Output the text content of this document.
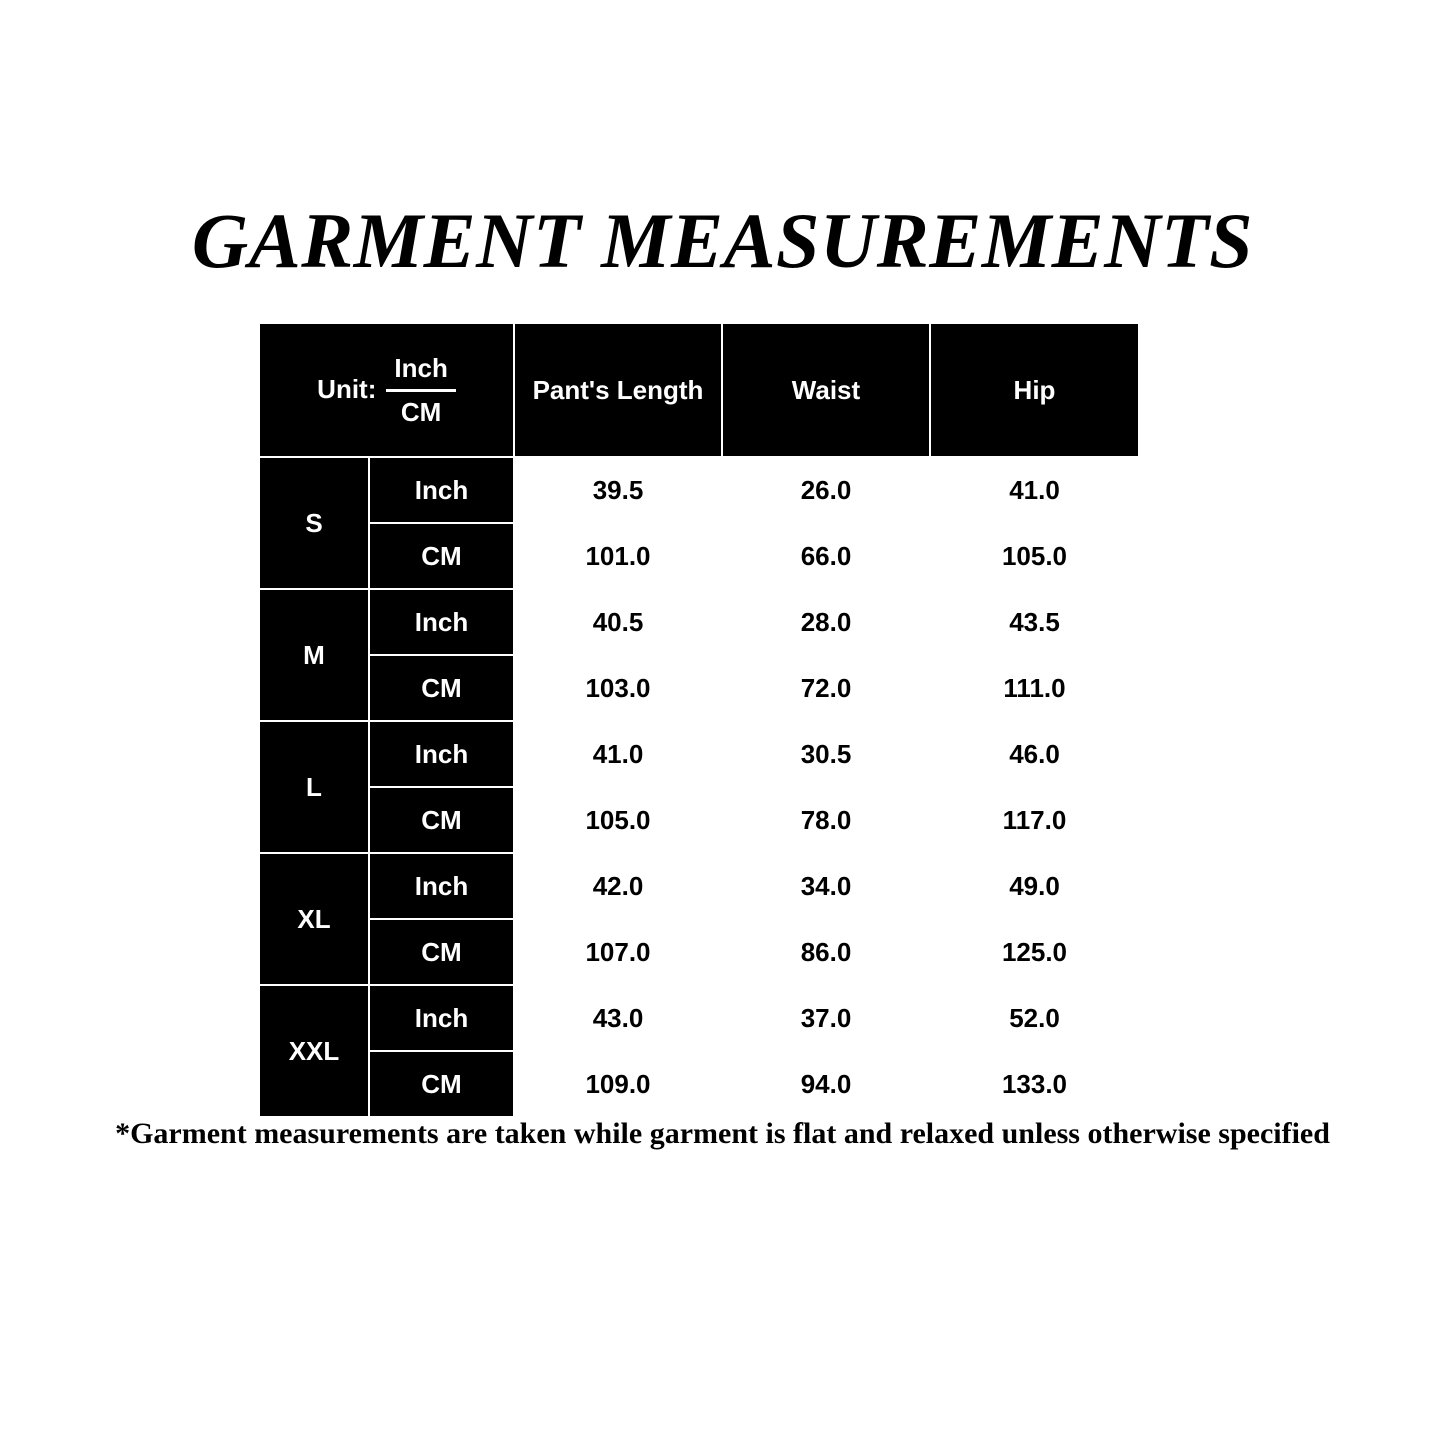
GARMENT MEASUREMENTS
Unit: $\frac{\text{Inch}}{CM}$		Pant's Length	Waist	Hip
S	Inch	39.5	26.0	41.0
	CM	101.0	66.0	105.0
M	Inch	40.5	28.0	43.5
	CM	103.0	72.0	111.0
L	Inch	41.0	30.5	46.0
	CM	105.0	78.0	117.0
XL	Inch	42.0	34.0	49.0
	CM	107.0	86.0	125.0
XXL	Inch	43.0	37.0	52.0
	CM	109.0	94.0	133.0
*Garment measurements are taken while garment is flat and relaxed unless otherwise specified
